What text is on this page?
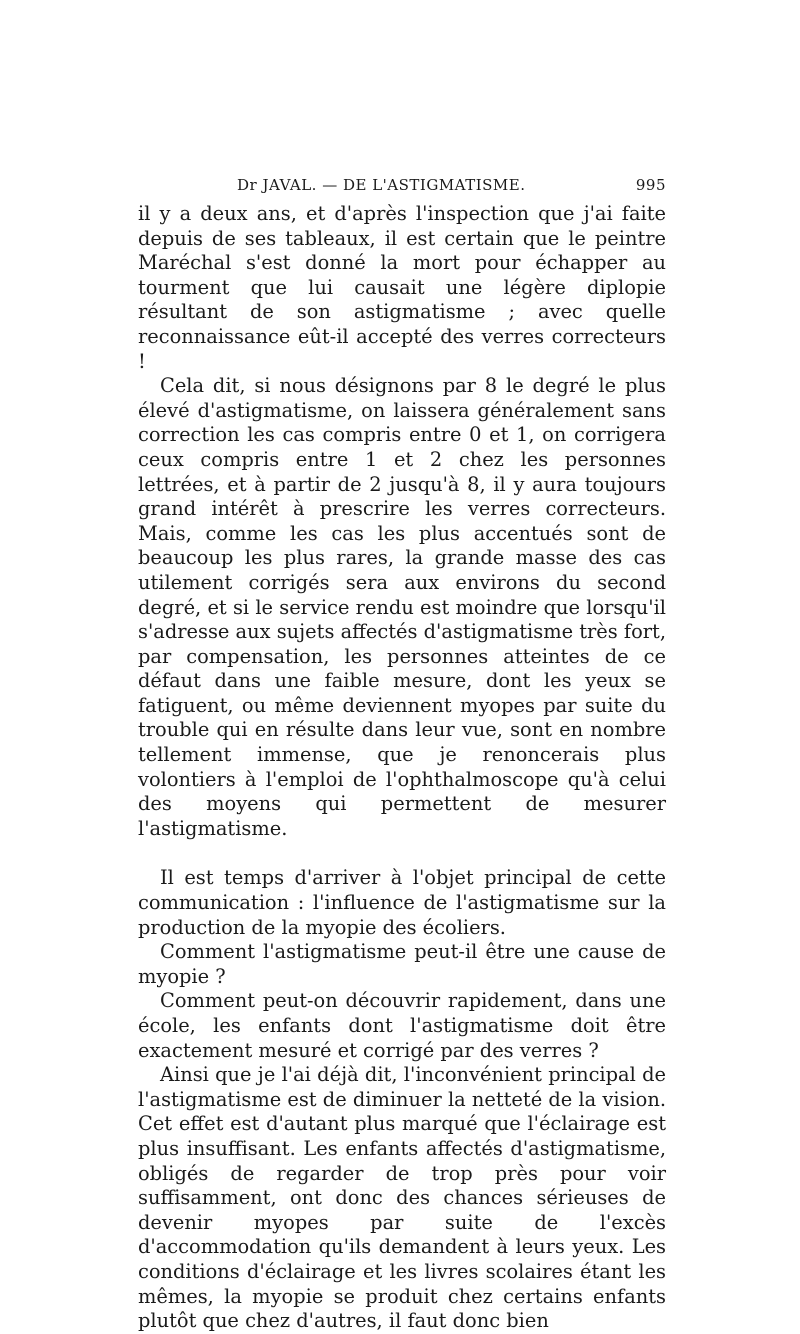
Dr JAVAL. — DE L'ASTIGMATISME.	995

il y a deux ans, et d'après l'inspection que j'ai faite depuis de ses tableaux, il est certain que le peintre Maréchal s'est donné la mort pour échapper au tourment que lui causait une légère diplopie résultant de son astigmatisme ; avec quelle reconnaissance eût-il accepté des verres correcteurs !

Cela dit, si nous désignons par 8 le degré le plus élevé d'astigmatisme, on laissera généralement sans correction les cas compris entre 0 et 1, on corrigera ceux compris entre 1 et 2 chez les personnes lettrées, et à partir de 2 jusqu'à 8, il y aura toujours grand intérêt à prescrire les verres correcteurs. Mais, comme les cas les plus accentués sont de beaucoup les plus rares, la grande masse des cas utilement corrigés sera aux environs du second degré, et si le service rendu est moindre que lorsqu'il s'adresse aux sujets affectés d'astigmatisme très fort, par compensation, les personnes atteintes de ce défaut dans une faible mesure, dont les yeux se fatiguent, ou même deviennent myopes par suite du trouble qui en résulte dans leur vue, sont en nombre tellement immense, que je renoncerais plus volontiers à l'emploi de l'ophthalmoscope qu'à celui des moyens qui permettent de mesurer l'astigmatisme.

Il est temps d'arriver à l'objet principal de cette communication : l'influence de l'astigmatisme sur la production de la myopie des écoliers.

Comment l'astigmatisme peut-il être une cause de myopie ?

Comment peut-on découvrir rapidement, dans une école, les enfants dont l'astigmatisme doit être exactement mesuré et corrigé par des verres ?

Ainsi que je l'ai déjà dit, l'inconvénient principal de l'astigmatisme est de diminuer la netteté de la vision. Cet effet est d'autant plus marqué que l'éclairage est plus insuffisant. Les enfants affectés d'astigmatisme, obligés de regarder de trop près pour voir suffisamment, ont donc des chances sérieuses de devenir myopes par suite de l'excès d'accommodation qu'ils demandent à leurs yeux. Les conditions d'éclairage et les livres scolaires étant les mêmes, la myopie se produit chez certains enfants plutôt que chez d'autres, il faut donc bien
